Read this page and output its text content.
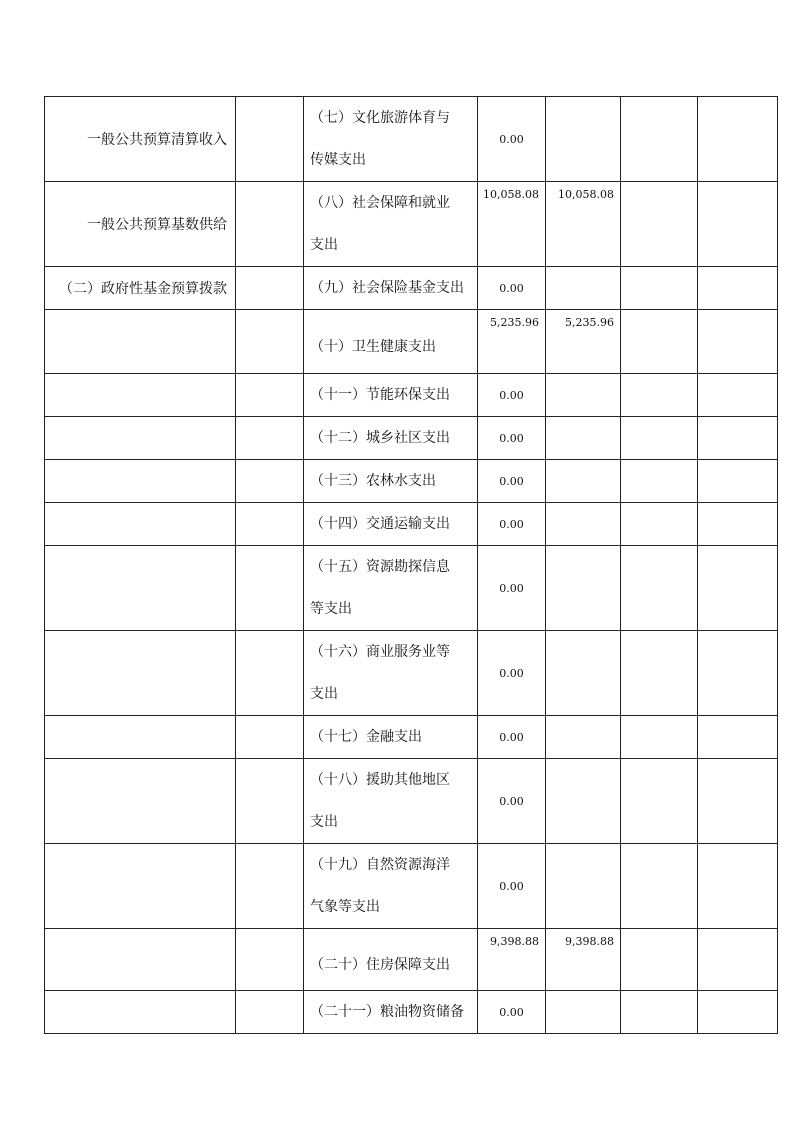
一般公共预算清算收入		（七）文化旅游体育与传媒支出	0.00			
一般公共预算基数供给		（八）社会保障和就业支出	10,058.08	10,058.08		
（二）政府性基金预算拨款		（九）社会保险基金支出	0.00			
		（十）卫生健康支出	5,235.96	5,235.96		
		（十一）节能环保支出	0.00			
		（十二）城乡社区支出	0.00			
		（十三）农林水支出	0.00			
		（十四）交通运输支出	0.00			

		（十五）资源勘探信息等支出	0.00			

		（十六）商业服务业等支出	0.00			
		（十七）金融支出	0.00			

		（十八）援助其他地区支出	0.00			

		（十九）自然资源海洋气象等支出	0.00			
		（二十）住房保障支出	9,398.88	9,398.88		
		（二十一）粮油物资储备	0.00			
